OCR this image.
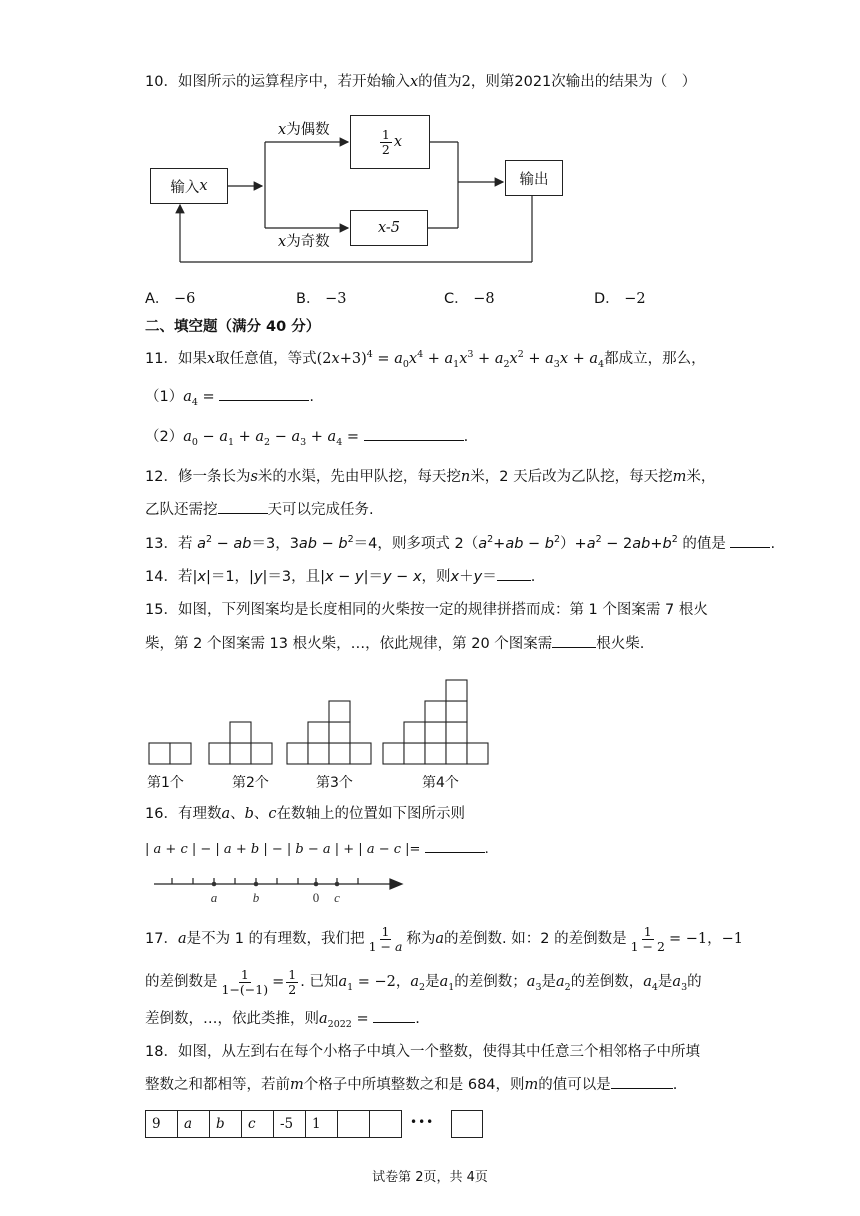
10．如图所示的运算程序中，若开始输入x的值为2，则第2021次输出的结果为（　）
输入 x
x为偶数
x为奇数
$\frac{1}{2}$ x
x-5
输出
A． −6	B． −3	C． −8	D． −2
二、填空题（满分 40 分）
11．如果x取任意值，等式$(2x+3)^4 = a_0x^4 + a_1x^3 + a_2x^2 + a_3x + a_4$都成立，那么，
$(1)a_4$ =	.
$(2)a_0 - a_1 + a_2 - a_3 + a_4$ =	.
12．修一条长为s米的水渠，先由甲队挖，每天挖n米，2 天后改为乙队挖，每天挖m米，
乙队还需挖	天可以完成任务.
13．若 $a^2 - ab=3$，$3ab - b^2=4$，则多项式 $2(a^2+ab - b^2)+a^2 - 2ab+b^2$ 的值是	.
14．若|x|＝1，|y|＝3，且|x − y|＝y − x，则x＋y＝ .
15．如图，下列图案均是长度相同的火柴按一定的规律拼搭而成：第 1 个图案需 7 根火
柴，第 2 个图案需 13 根火柴，…，依此规律，第 20 个图案需	根火柴.
第1个	第2个	第3个	第4个
16．有理数a、b、c在数轴上的位置如下图所示则
| a + c | − | a + b | − | b − a | + | a − c |=	.
a	b	0 c
17．a是不为 1 的有理数，我们把 $\frac{1}{1 - a}$ 称为a的差倒数. 如：2 的差倒数是 $\frac{1}{1 - 2} = -1$，−1
的差倒数是 $\frac{1}{1-(-1)} = \frac{1}{2}$ . 已知$a_1 = -2$，$a_2$是$a_1$的差倒数；$a_3$是$a_2$的差倒数，$a_4$是$a_3$的
差倒数，…，依此类推，则$a_{2022}$ =	.
18．如图，从左到右在每个小格子中填入一个整数，使得其中任意三个相邻格子中所填
整数之和都相等，若前m个格子中所填整数之和是 684，则m的值可以是	.
9	a	b	c	-5	1	•••
试卷第 2页，共 4页
